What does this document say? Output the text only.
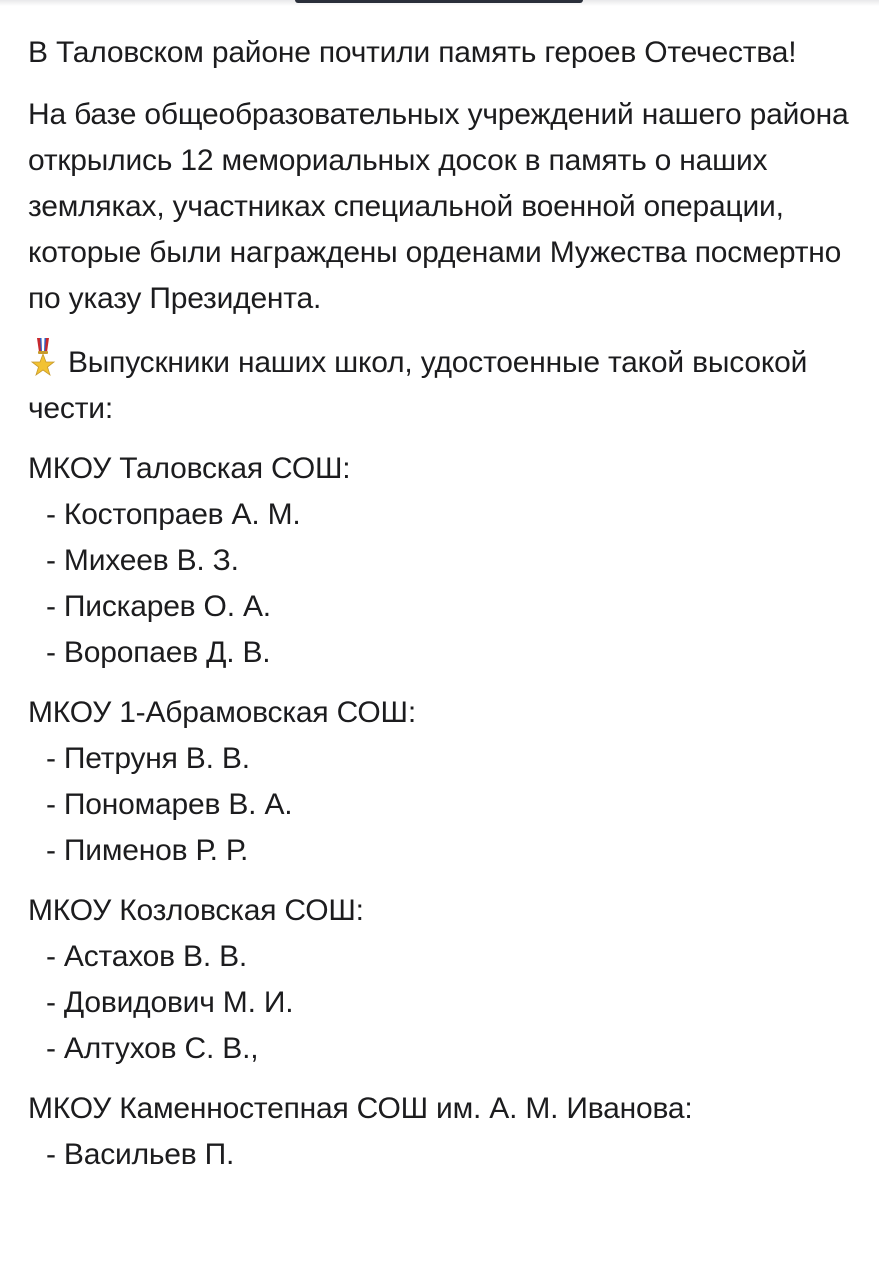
В Таловском районе почтили память героев Отечества!

На базе общеобразовательных учреждений нашего района открылись 12 мемориальных досок в память о наших земляках, участниках специальной военной операции, которые были награждены орденами Мужества посмертно по указу Президента.

Выпускники наших школ, удостоенные такой высокой чести:

МКОУ Таловская СОШ:

- Костопраев А. М.

- Михеев В. З.

- Пискарев О. А.

- Воропаев Д. В.

МКОУ 1-Абрамовская СОШ:

- Петруня В. В.

- Пономарев В. А.

- Пименов Р. Р.

МКОУ Козловская СОШ:

- Астахов В. В.

- Довидович М. И.

- Алтухов С. В.,

МКОУ Каменностепная СОШ им. А. М. Иванова:

- Васильев П.
